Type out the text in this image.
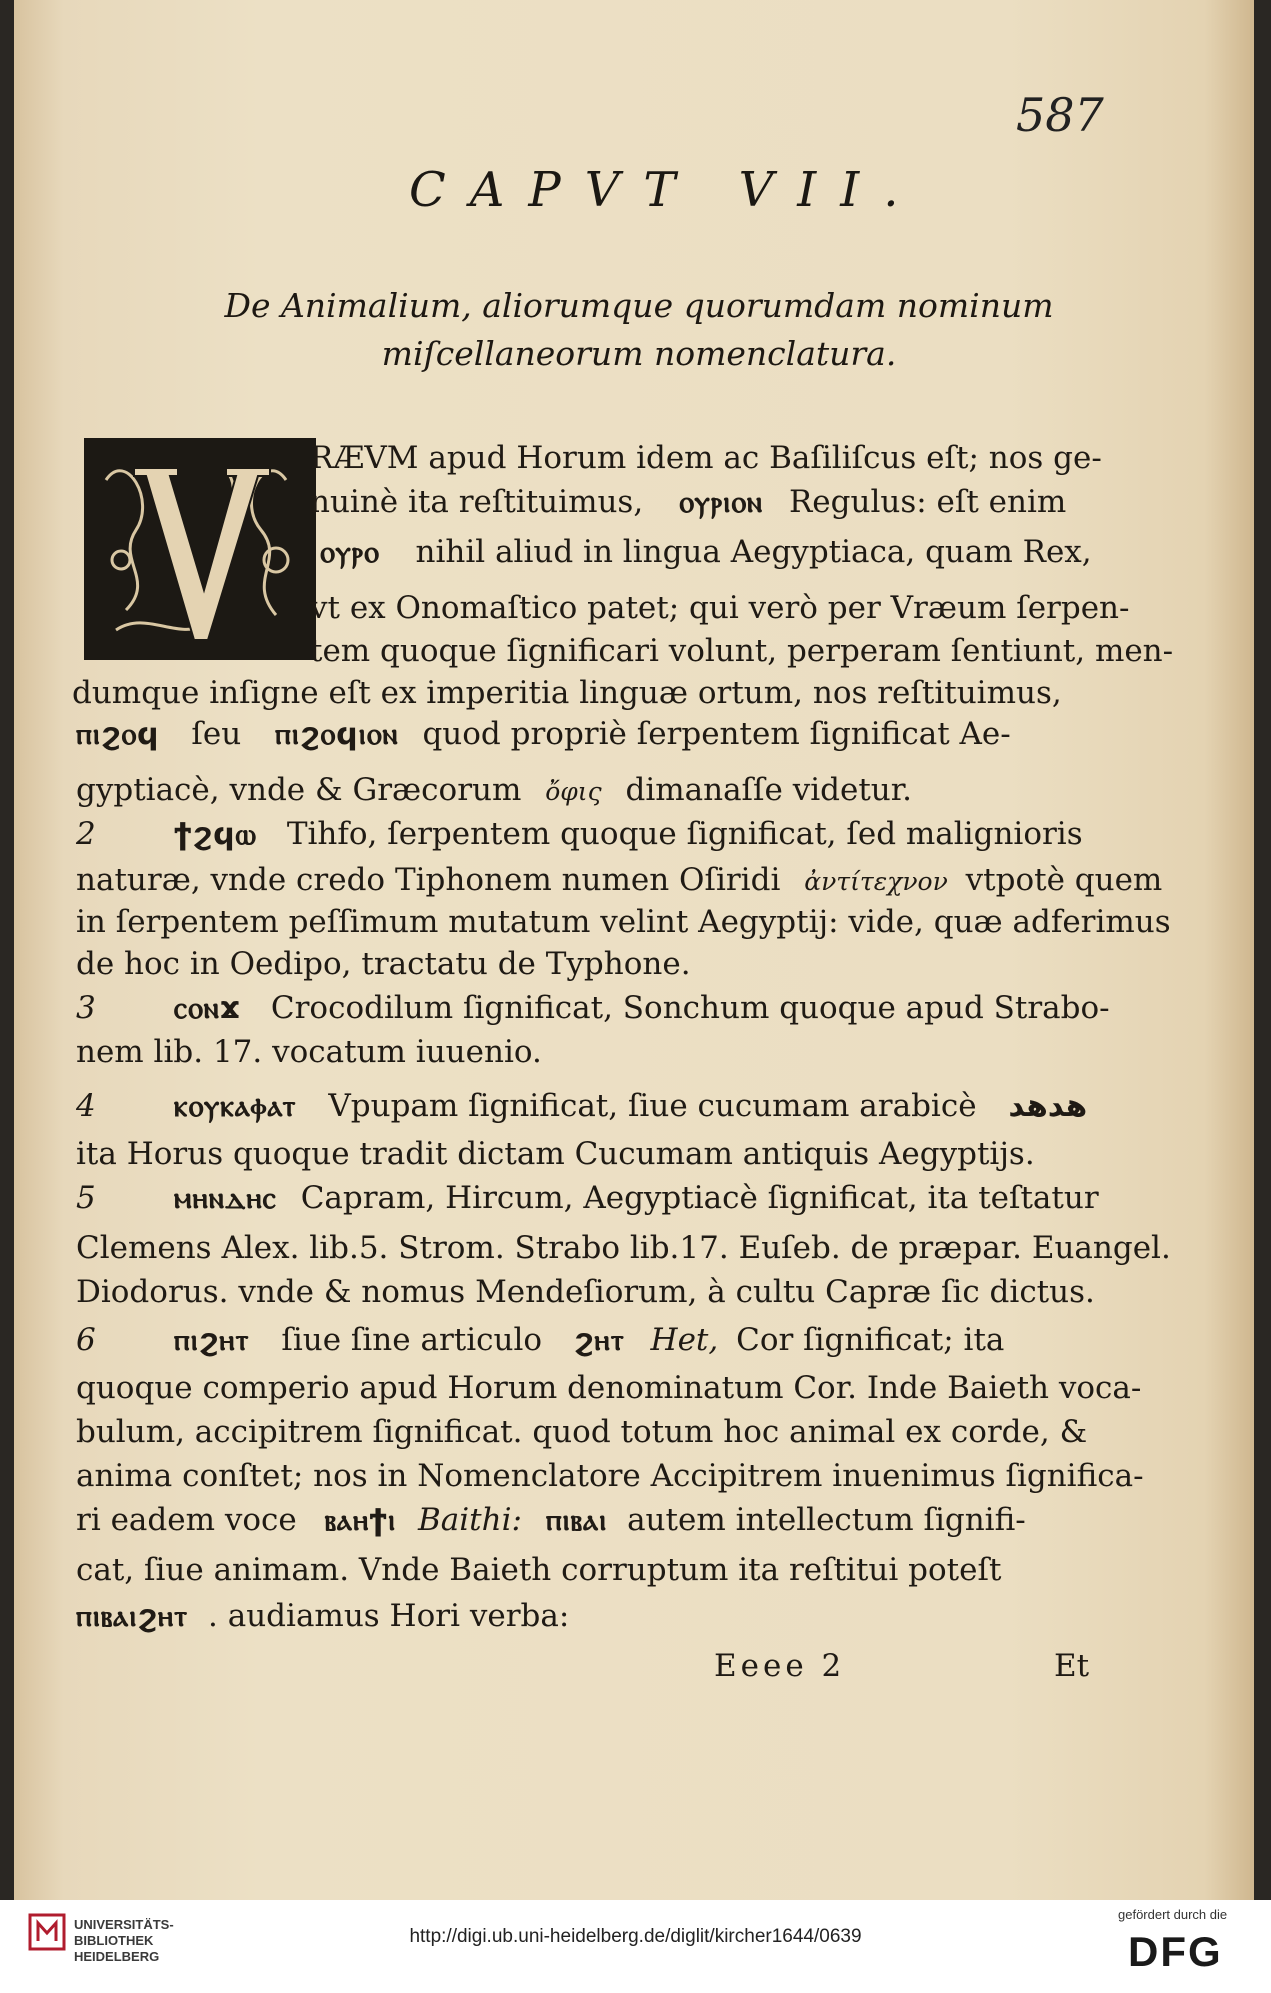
587
CAPVT VII.
De Animalium, aliorumque quorumdam nominum
miſcellaneorum nomenclatura.
RÆVM apud Horum idem ac Baſiliſcus eſt; nos ge-
nuinè ita reſtituimus, ⲟⲩⲣⲓⲟⲛ Regulus: eſt enim
ⲟⲩⲣⲟ nihil aliud in lingua Aegyptiaca, quam Rex,
vt ex Onomaſtico patet; qui verò per Vræum ſerpen-
tem quoque ſignificari volunt, perperam ſentiunt, men-
dumque inſigne eſt ex imperitia linguæ ortum, nos reſtituimus,
ⲡⲓϩⲟϥ ſeu ⲡⲓϩⲟϥⲓⲟⲛ quod propriè ſerpentem ſignificat Ae-
gyptiacè, vnde & Græcorum ὄφις dimanaſſe videtur.
2	ϯϩϥⲱ Tihfo, ſerpentem quoque ſignificat, ſed malignioris
naturæ, vnde credo Tiphonem numen Oſiridi ἀντίτεχνον vtpotè quem
in ſerpentem peſſimum mutatum velint Aegyptij: vide, quæ adferimus
de hoc in Oedipo, tractatu de Typhone.
3	ⲥⲟⲛϫ Crocodilum ſignificat, Sonchum quoque apud Strabo-
nem lib. 17. vocatum iuuenio.
4	ⲕⲟⲩⲕⲁⲫⲁⲧ Vpupam ſignificat, ſiue cucumam arabicè هدهد
ita Horus quoque tradit dictam Cucumam antiquis Aegyptijs.
5	ⲙⲏⲛⲇⲏⲥ Capram, Hircum, Aegyptiacè ſignificat, ita teſtatur
Clemens Alex. lib.5. Strom. Strabo lib.17. Euſeb. de præpar. Euangel.
Diodorus. vnde & nomus Mendeſiorum, à cultu Capræ ſic dictus.
6	ⲡⲓϩⲏⲧ ſiue ſine articulo ϩⲏⲧ Het, Cor ſignificat; ita
quoque comperio apud Horum denominatum Cor. Inde Baieth voca-
bulum, accipitrem ſignificat. quod totum hoc animal ex corde, &
anima conſtet; nos in Nomenclatore Accipitrem inuenimus ſignifica-
ri eadem voce ⲃⲁⲏϯⲓ Baithi: ⲡⲓⲃⲁⲓ autem intellectum ſignifi-
cat, ſiue animam. Vnde Baieth corruptum ita reſtitui poteſt
ⲡⲓⲃⲁⲓϩⲏⲧ . audiamus Hori verba:
Eeee 2	Et
UNIVERSITÄTS-
BIBLIOTHEK
HEIDELBERG
http://digi.ub.uni-heidelberg.de/diglit/kircher1644/0639
gefördert durch die
DFG
